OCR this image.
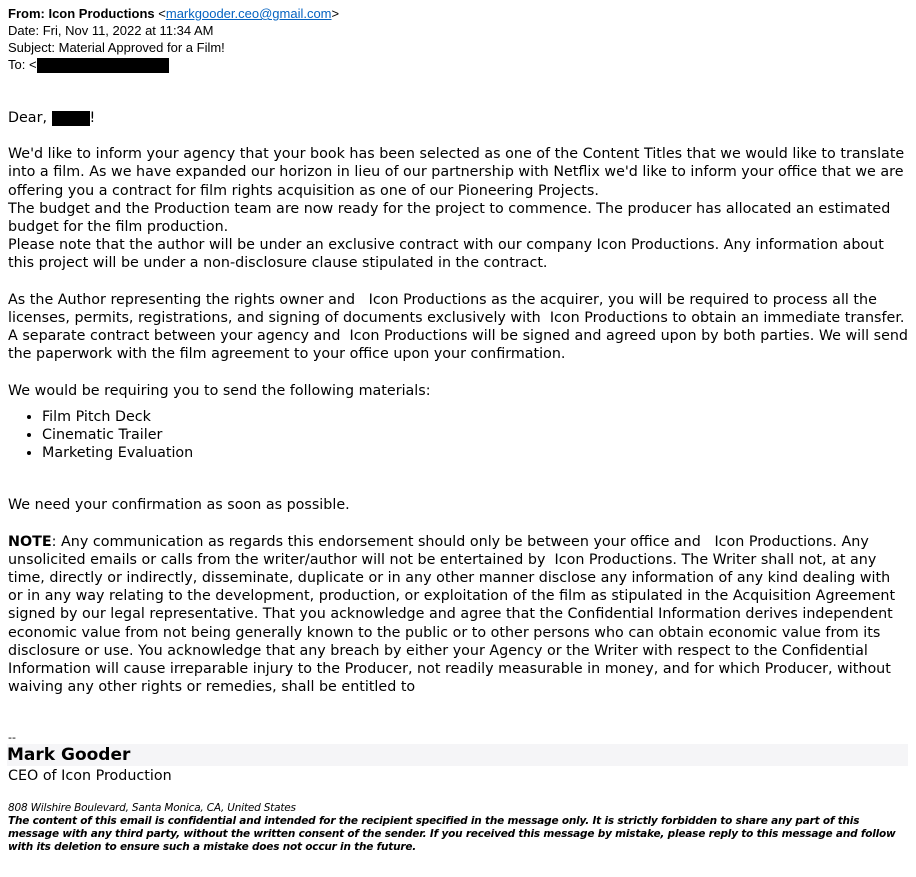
From: Icon Productions <markgooder.ceo@gmail.com>
Date: Fri, Nov 11, 2022 at 11:34 AM
Subject: Material Approved for a Film!
To: <

Dear,	!

We'd like to inform your agency that your book has been selected as one of the Content Titles that we would like to translate into a film. As we have expanded our horizon in lieu of our partnership with Netflix we'd like to inform your office that we are offering you a contract for film rights acquisition as one of our Pioneering Projects.

The budget and the Production team are now ready for the project to commence. The producer has allocated an estimated budget for the film production.

Please note that the author will be under an exclusive contract with our company Icon Productions. Any information about this project will be under a non-disclosure clause stipulated in the contract.

As the Author representing the rights owner and   Icon Productions as the acquirer, you will be required to process all the licenses, permits, registrations, and signing of documents exclusively with  Icon Productions to obtain an immediate transfer. A separate contract between your agency and  Icon Productions will be signed and agreed upon by both parties. We will send the paperwork with the film agreement to your office upon your confirmation.

We would be requiring you to send the following materials:

• Film Pitch Deck
• Cinematic Trailer
• Marketing Evaluation

We need your confirmation as soon as possible.

NOTE: Any communication as regards this endorsement should only be between your office and   Icon Productions. Any unsolicited emails or calls from the writer/author will not be entertained by  Icon Productions. The Writer shall not, at any time, directly or indirectly, disseminate, duplicate or in any other manner disclose any information of any kind dealing with or in any way relating to the development, production, or exploitation of the film as stipulated in the Acquisition Agreement signed by our legal representative. That you acknowledge and agree that the Confidential Information derives independent economic value from not being generally known to the public or to other persons who can obtain economic value from its disclosure or use. You acknowledge that any breach by either your Agency or the Writer with respect to the Confidential Information will cause irreparable injury to the Producer, not readily measurable in money, and for which Producer, without waiving any other rights or remedies, shall be entitled to

--
Mark Gooder
CEO of Icon Production
808 Wilshire Boulevard, Santa Monica, CA, United States
The content of this email is confidential and intended for the recipient specified in the message only. It is strictly forbidden to share any part of this message with any third party, without the written consent of the sender. If you received this message by mistake, please reply to this message and follow with its deletion to ensure such a mistake does not occur in the future.
